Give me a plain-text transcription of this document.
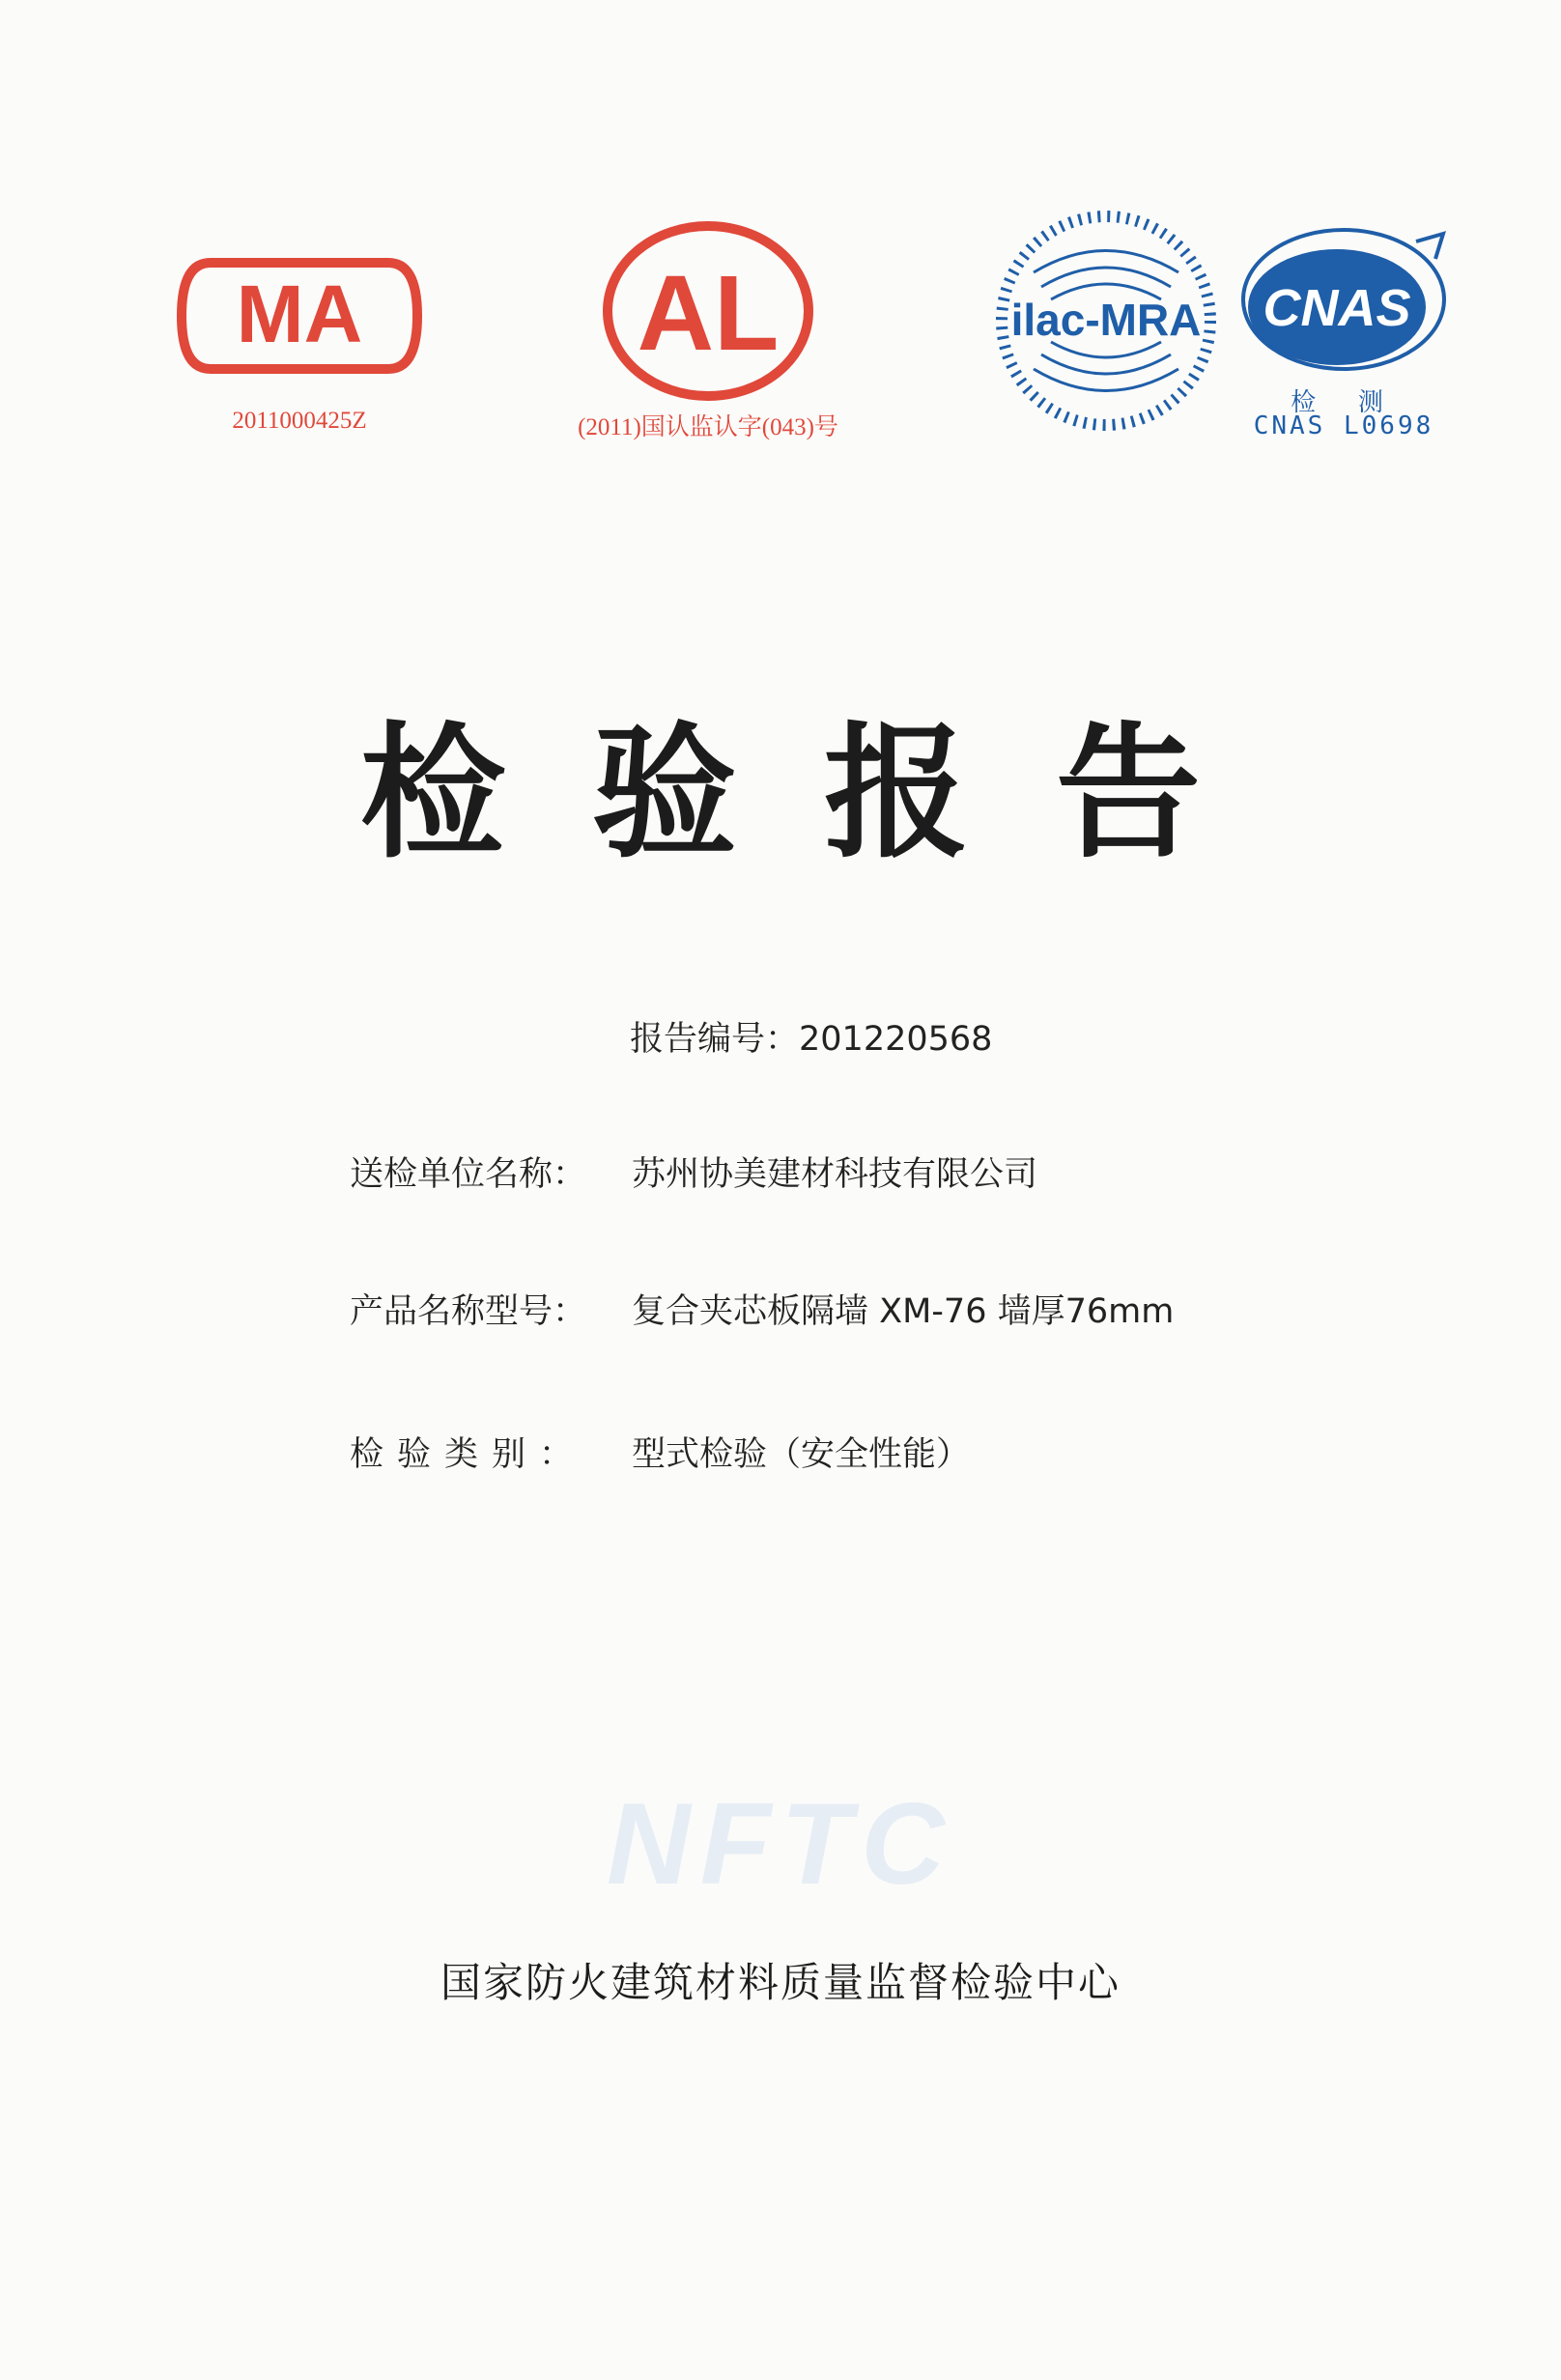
MA
2011000425Z
AL
(2011)国认监认字(043)号
ilac-MRA CNAS
检 测
CNAS L0698
检验报告
报告编号：201220568
送检单位名称： 苏州协美建材科技有限公司
产品名称型号： 复合夹芯板隔墙 XM-76 墙厚76mm
检验类别： 型式检验（安全性能）
NFTC
国家防火建筑材料质量监督检验中心
